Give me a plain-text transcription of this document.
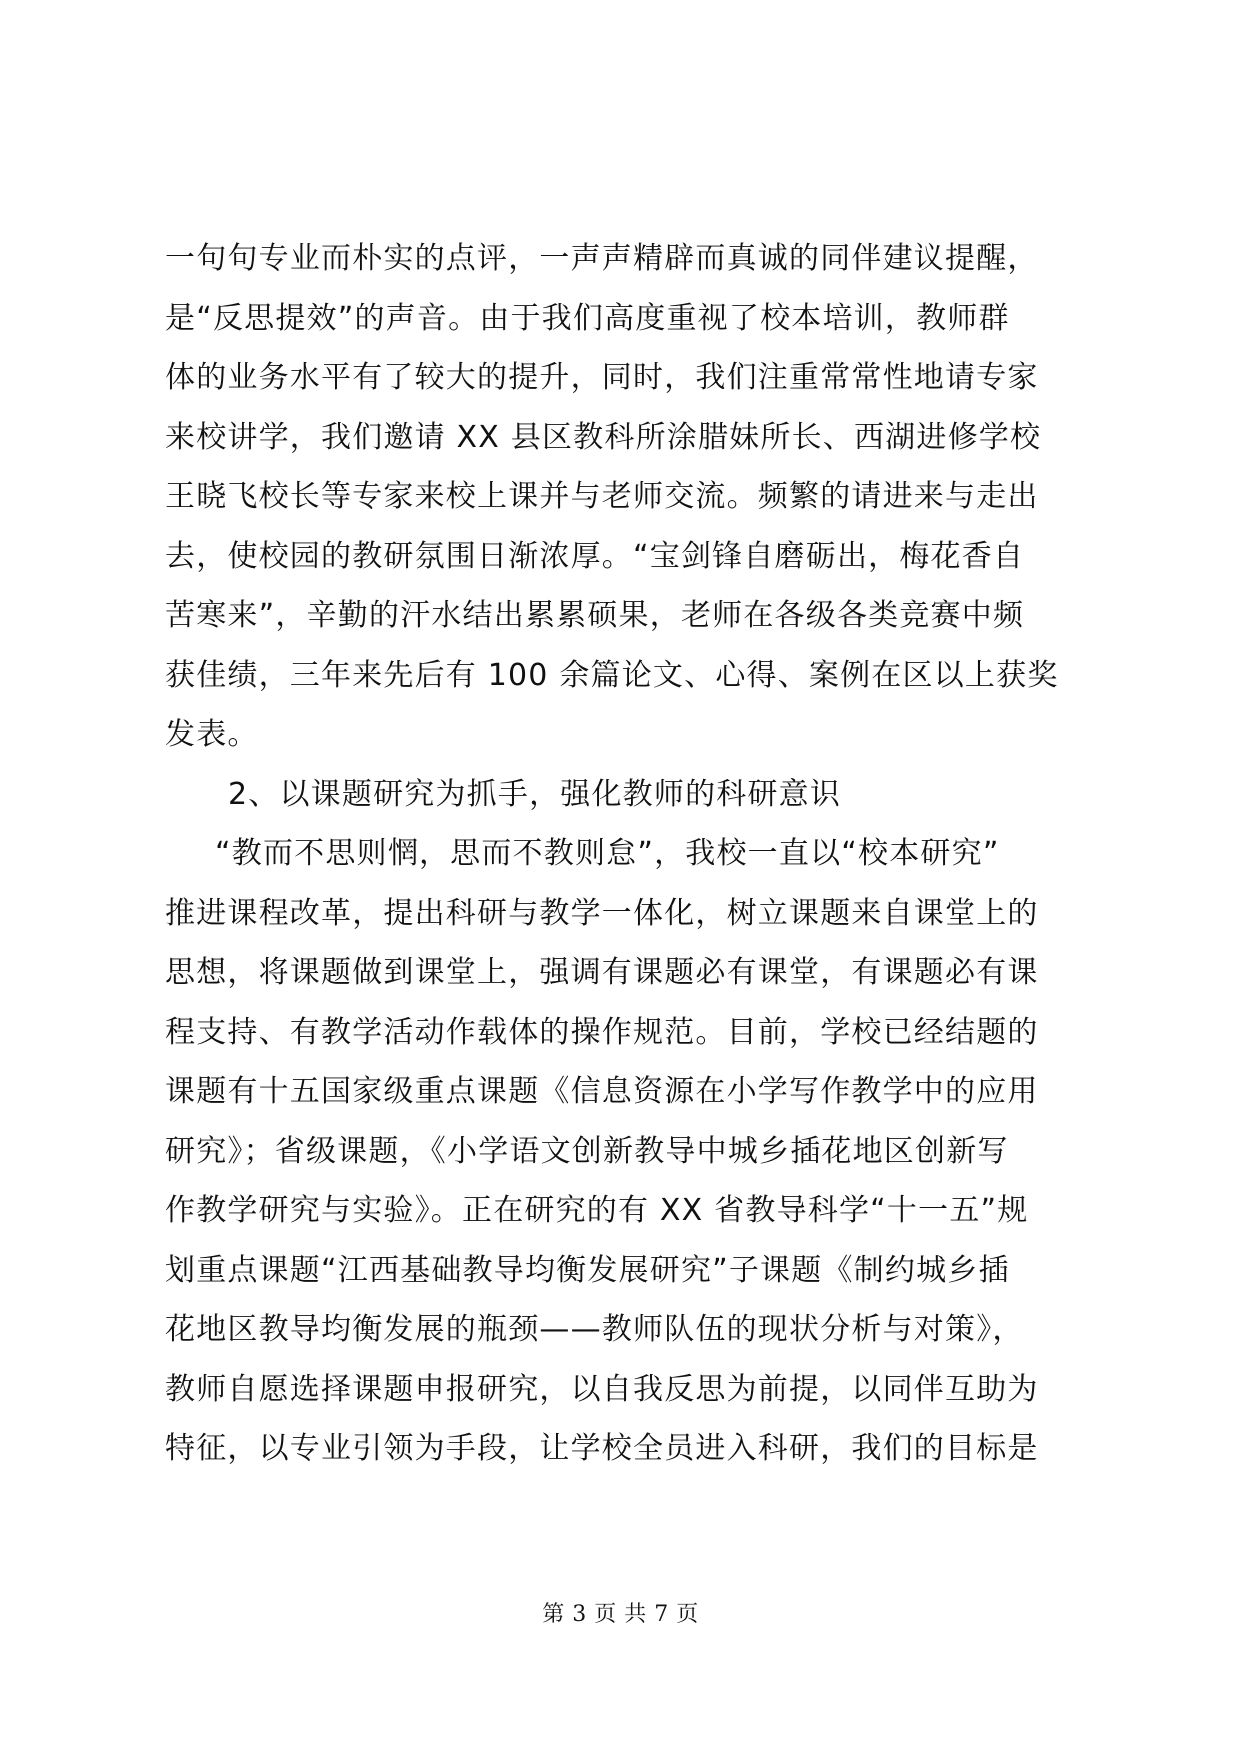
一句句专业而朴实的点评，一声声精辟而真诚的同伴建议提醒，
是“反思提效”的声音。由于我们高度重视了校本培训，教师群
体的业务水平有了较大的提升，同时，我们注重常常性地请专家
来校讲学，我们邀请 XX 县区教科所涂腊妹所长、西湖进修学校
王晓飞校长等专家来校上课并与老师交流。频繁的请进来与走出
去，使校园的教研氛围日渐浓厚。“宝剑锋自磨砺出，梅花香自
苦寒来”，辛勤的汗水结出累累硕果，老师在各级各类竞赛中频
获佳绩，三年来先后有 100 余篇论文、心得、案例在区以上获奖
发表。
2、以课题研究为抓手，强化教师的科研意识
“教而不思则惘，思而不教则怠”，我校一直以“校本研究”
推进课程改革，提出科研与教学一体化，树立课题来自课堂上的
思想，将课题做到课堂上，强调有课题必有课堂，有课题必有课
程支持、有教学活动作载体的操作规范。目前，学校已经结题的
课题有十五国家级重点课题《信息资源在小学写作教学中的应用
研究》；省级课题，《小学语文创新教导中城乡插花地区创新写
作教学研究与实验》。正在研究的有 XX 省教导科学“十一五”规
划重点课题“江西基础教导均衡发展研究”子课题《制约城乡插
花地区教导均衡发展的瓶颈——教师队伍的现状分析与对策》，
教师自愿选择课题申报研究，以自我反思为前提，以同伴互助为
特征，以专业引领为手段，让学校全员进入科研，我们的目标是
第 3 页 共 7 页
